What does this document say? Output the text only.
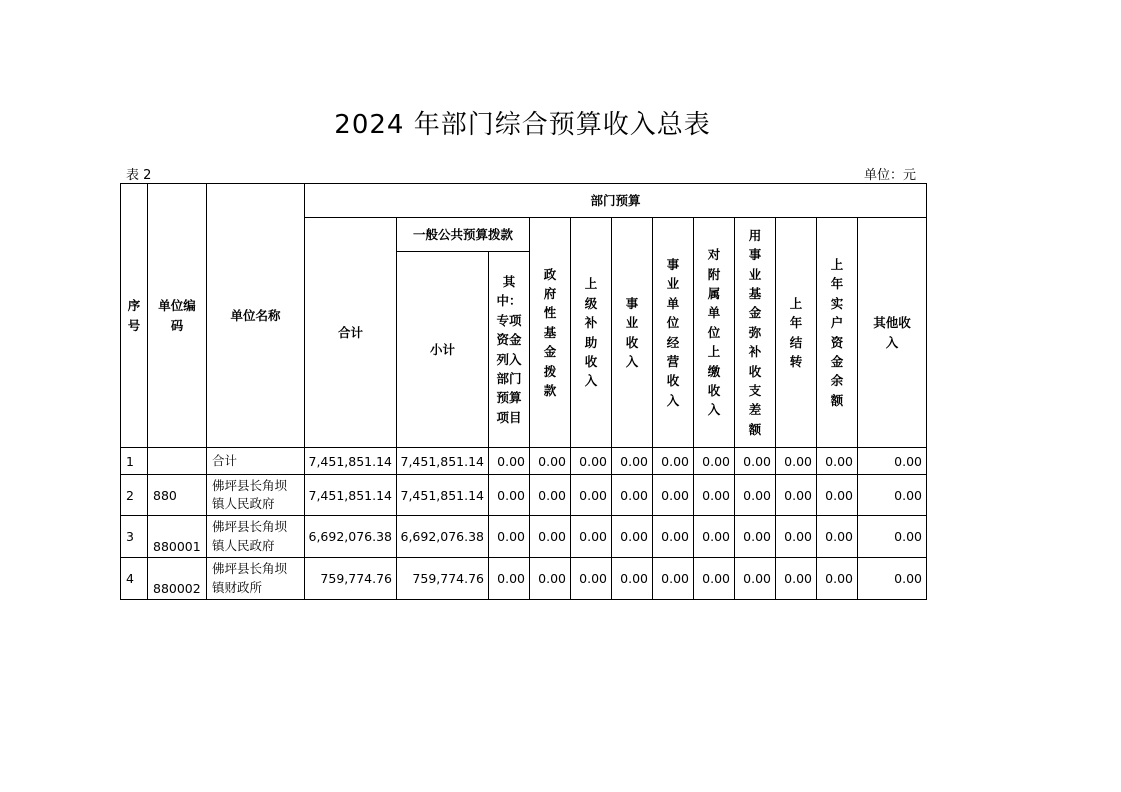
2024 年部门综合预算收入总表
表 2	单位：元
序号	单位编码	单位名称	部门预算											
			合计	一般公共预算拨款		政府性基金拨款	上级补助收入	事业收入	事业单位经营收入	对附属单位上缴收入	用事业基金弥补收支差额	上年结转	上年实户资金余额	其他收入

				小计	其中：专项资金列入部门预算项目									

1		合计	7,451,851.14	7,451,851.14	0.00	0.00	0.00	0.00	0.00	0.00	0.00	0.00	0.00	0.00
2	880	佛坪县长角坝镇人民政府	7,451,851.14	7,451,851.14	0.00	0.00	0.00	0.00	0.00	0.00	0.00	0.00	0.00	0.00
3	880001	佛坪县长角坝镇人民政府	6,692,076.38	6,692,076.38	0.00	0.00	0.00	0.00	0.00	0.00	0.00	0.00	0.00	0.00
4	880002	佛坪县长角坝镇财政所	759,774.76	759,774.76	0.00	0.00	0.00	0.00	0.00	0.00	0.00	0.00	0.00	0.00
